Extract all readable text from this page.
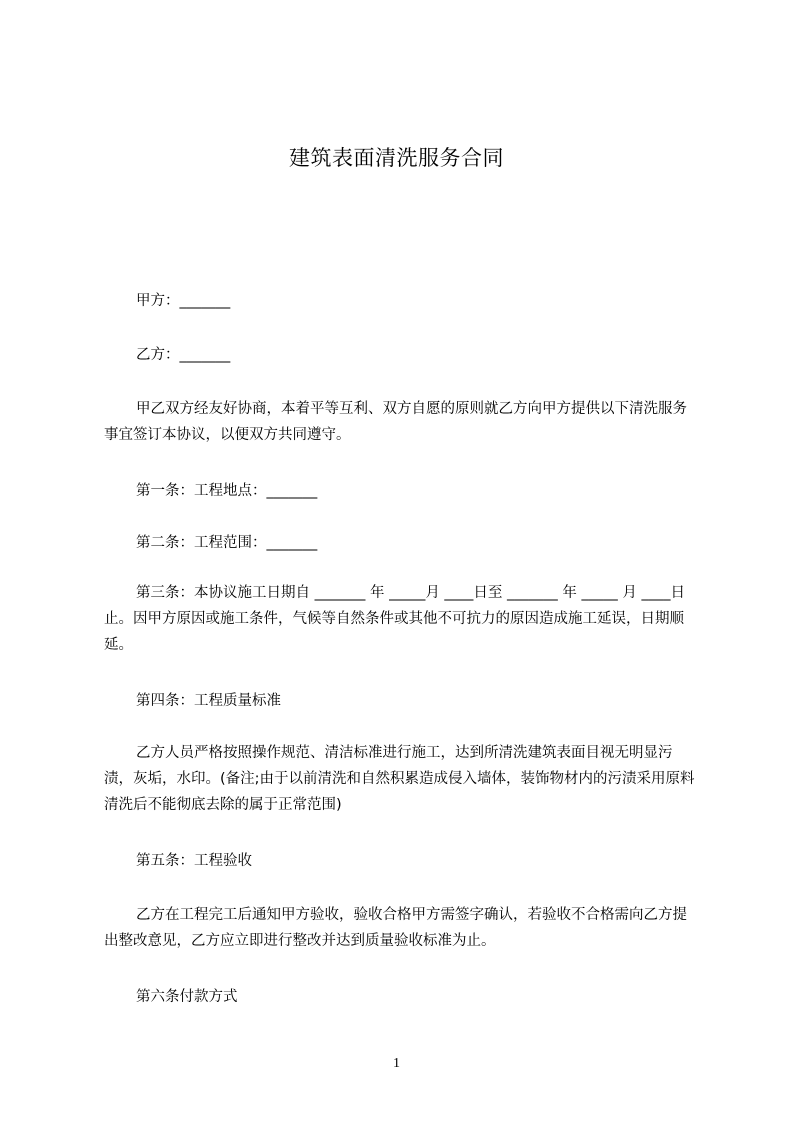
建筑表面清洗服务合同
甲方：_______
乙方：_______
甲乙双方经友好协商，本着平等互利、双方自愿的原则就乙方向甲方提供以下清洗服务事宜签订本协议，以便双方共同遵守。
第一条：工程地点：_______
第二条：工程范围：_______
第三条：本协议施工日期自 _______ 年 _____月 ____日至 _______ 年 _____ 月 ____日止。因甲方原因或施工条件，气候等自然条件或其他不可抗力的原因造成施工延误，日期顺延。
第四条：工程质量标准
乙方人员严格按照操作规范、清洁标准进行施工，达到所清洗建筑表面目视无明显污渍，灰垢，水印。(备注;由于以前清洗和自然积累造成侵入墙体，装饰物材内的污渍采用原料清洗后不能彻底去除的属于正常范围)
第五条：工程验收
乙方在工程完工后通知甲方验收，验收合格甲方需签字确认，若验收不合格需向乙方提出整改意见，乙方应立即进行整改并达到质量验收标准为止。
第六条付款方式
1
